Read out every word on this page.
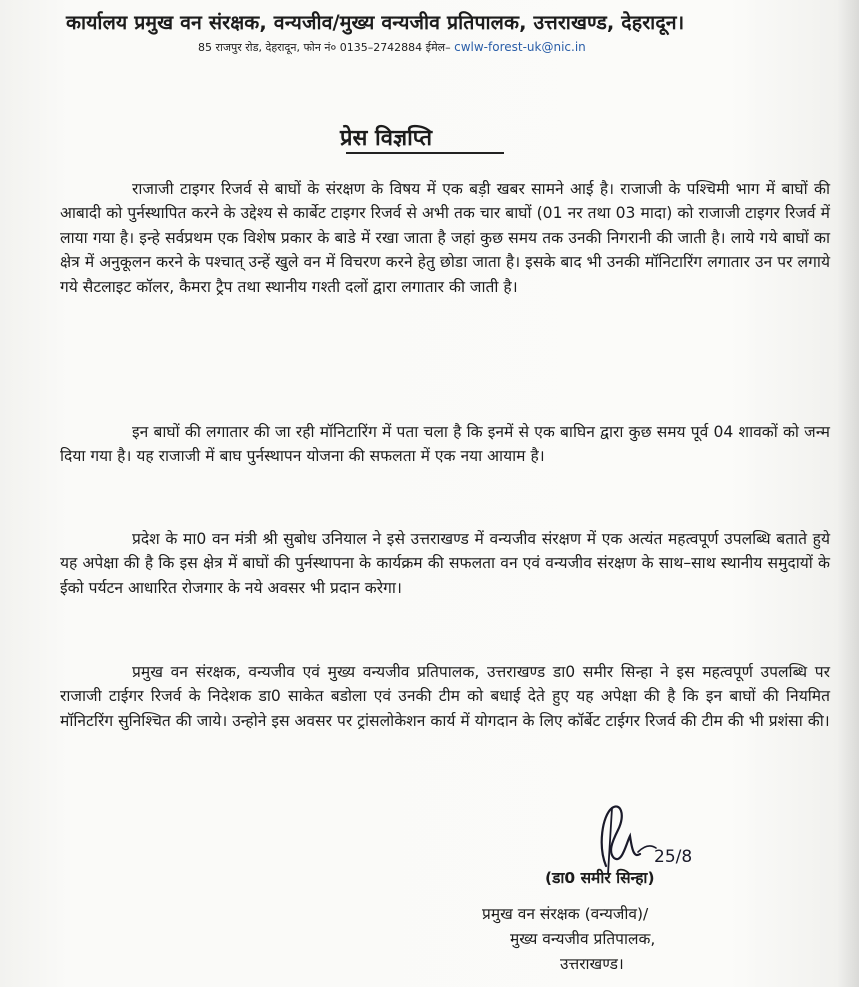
कार्यालय प्रमुख वन संरक्षक, वन्यजीव/मुख्य वन्यजीव प्रतिपालक, उत्तराखण्ड, देहरादून।
85 राजपुर रोड, देहरादून, फोन नं० 0135–2742884 ईमेल– cwlw-forest-uk@nic.in
प्रेस विज्ञप्ति
राजाजी टाइगर रिजर्व से बाघों के संरक्षण के विषय में एक बड़ी खबर सामने आई है। राजाजी के पश्चिमी भाग में बाघों की आबादी को पुर्नस्थापित करने के उद्देश्य से कार्बेट टाइगर रिजर्व से अभी तक चार बाघों (01 नर तथा 03 मादा) को राजाजी टाइगर रिजर्व में लाया गया है। इन्हे सर्वप्रथम एक विशेष प्रकार के बाडे में रखा जाता है जहां कुछ समय तक उनकी निगरानी की जाती है। लाये गये बाघों का क्षेत्र में अनुकूलन करने के पश्चात् उन्हें खुले वन में विचरण करने हेतु छोडा जाता है। इसके बाद भी उनकी मॉनिटारिंग लगातार उन पर लगाये गये सैटलाइट कॉलर, कैमरा ट्रैप तथा स्थानीय गश्ती दलों द्वारा लगातार की जाती है।
इन बाघों की लगातार की जा रही मॉनिटारिंग में पता चला है कि इनमें से एक बाघिन द्वारा कुछ समय पूर्व 04 शावकों को जन्म दिया गया है। यह राजाजी में बाघ पुर्नस्थापन योजना की सफलता में एक नया आयाम है।
प्रदेश के मा0 वन मंत्री श्री सुबोध उनियाल ने इसे उत्तराखण्ड में वन्यजीव संरक्षण में एक अत्यंत महत्वपूर्ण उपलब्धि बताते हुये यह अपेक्षा की है कि इस क्षेत्र में बाघों की पुर्नस्थापना के कार्यक्रम की सफलता वन एवं वन्यजीव संरक्षण के साथ–साथ स्थानीय समुदायों के ईको पर्यटन आधारित रोजगार के नये अवसर भी प्रदान करेगा।
प्रमुख वन संरक्षक, वन्यजीव एवं मुख्य वन्यजीव प्रतिपालक, उत्तराखण्ड डा0 समीर सिन्हा ने इस महत्वपूर्ण उपलब्धि पर राजाजी टाईगर रिजर्व के निदेशक डा0 साकेत बडोला एवं उनकी टीम को बधाई देते हुए यह अपेक्षा की है कि इन बाघों की नियमित मॉनिटरिंग सुनिश्चित की जाये। उन्होने इस अवसर पर ट्रांसलोकेशन कार्य में योगदान के लिए कॉर्बेट टाईगर रिजर्व की टीम की भी प्रशंसा की।
25/8
(डा0 समीर सिन्हा)
प्रमुख वन संरक्षक (वन्यजीव)/
मुख्य वन्यजीव प्रतिपालक,
उत्तराखण्ड।
